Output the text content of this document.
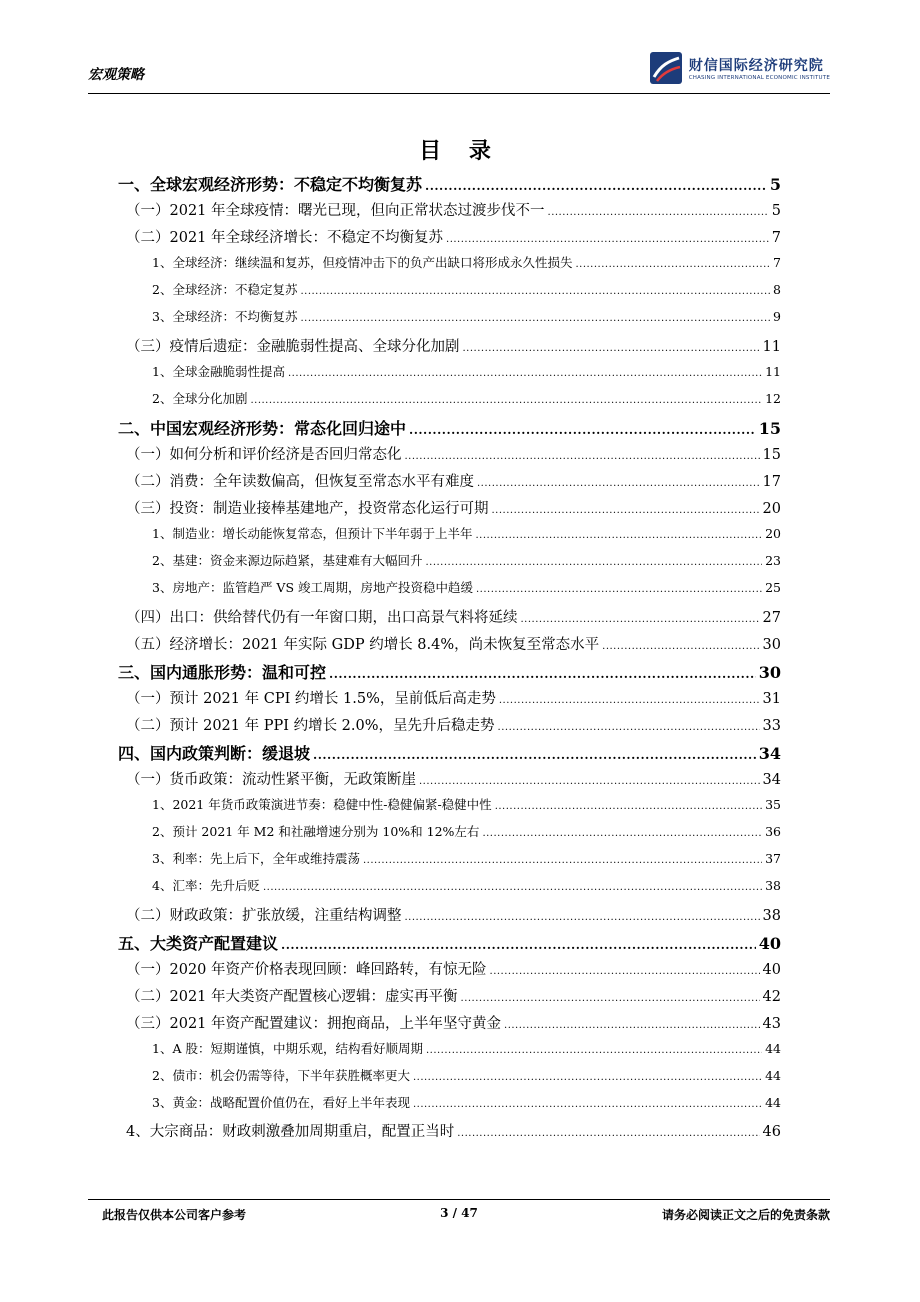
宏观策略
财信国际经济研究院
CHASING INTERNATIONAL ECONOMIC INSTITUTE
目 录
一、全球宏观经济形势：不稳定不均衡复苏 .....	5
（一）2021 年全球疫情：曙光已现，但向正常状态过渡步伐不一 .....	5
（二）2021 年全球经济增长：不稳定不均衡复苏 .....	7
1、全球经济：继续温和复苏，但疫情冲击下的负产出缺口将形成永久性损失 .....	7
2、全球经济：不稳定复苏 .....	8
3、全球经济：不均衡复苏 .....	9
（三）疫情后遗症：金融脆弱性提高、全球分化加剧 .....	11
1、全球金融脆弱性提高 .....	11
2、全球分化加剧 .....	12
二、中国宏观经济形势：常态化回归途中 .....	15
（一）如何分析和评价经济是否回归常态化 .....	15
（二）消费：全年读数偏高，但恢复至常态水平有难度 .....	17
（三）投资：制造业接棒基建地产，投资常态化运行可期 .....	20
1、制造业：增长动能恢复常态，但预计下半年弱于上半年 .....	20
2、基建：资金来源边际趋紧，基建难有大幅回升 .....	23
3、房地产：监管趋严 VS 竣工周期，房地产投资稳中趋缓 .....	25
（四）出口：供给替代仍有一年窗口期，出口高景气料将延续 .....	27
（五）经济增长：2021 年实际 GDP 约增长 8.4%，尚未恢复至常态水平 .....	30
三、国内通胀形势：温和可控 .....	30
（一）预计 2021 年 CPI 约增长 1.5%，呈前低后高走势 .....	31
（二）预计 2021 年 PPI 约增长 2.0%，呈先升后稳走势 .....	33
四、国内政策判断：缓退坡 .....	34
（一）货币政策：流动性紧平衡，无政策断崖 .....	34
1、2021 年货币政策演进节奏：稳健中性-稳健偏紧-稳健中性 .....	35
2、预计 2021 年 M2 和社融增速分别为 10%和 12%左右 .....	36
3、利率：先上后下，全年或维持震荡 .....	37
4、汇率：先升后贬 .....	38
（二）财政政策：扩张放缓，注重结构调整 .....	38
五、大类资产配置建议 .....	40
（一）2020 年资产价格表现回顾：峰回路转，有惊无险 .....	40
（二）2021 年大类资产配置核心逻辑：虚实再平衡 .....	42
（三）2021 年资产配置建议：拥抱商品，上半年坚守黄金 .....	43
1、A 股：短期谨慎，中期乐观，结构看好顺周期 .....	44
2、债市：机会仍需等待，下半年获胜概率更大 .....	44
3、黄金：战略配置价值仍在，看好上半年表现 .....	44
4、大宗商品：财政刺激叠加周期重启，配置正当时 .....	46
此报告仅供本公司客户参考	3 / 47	请务必阅读正文之后的免责条款
